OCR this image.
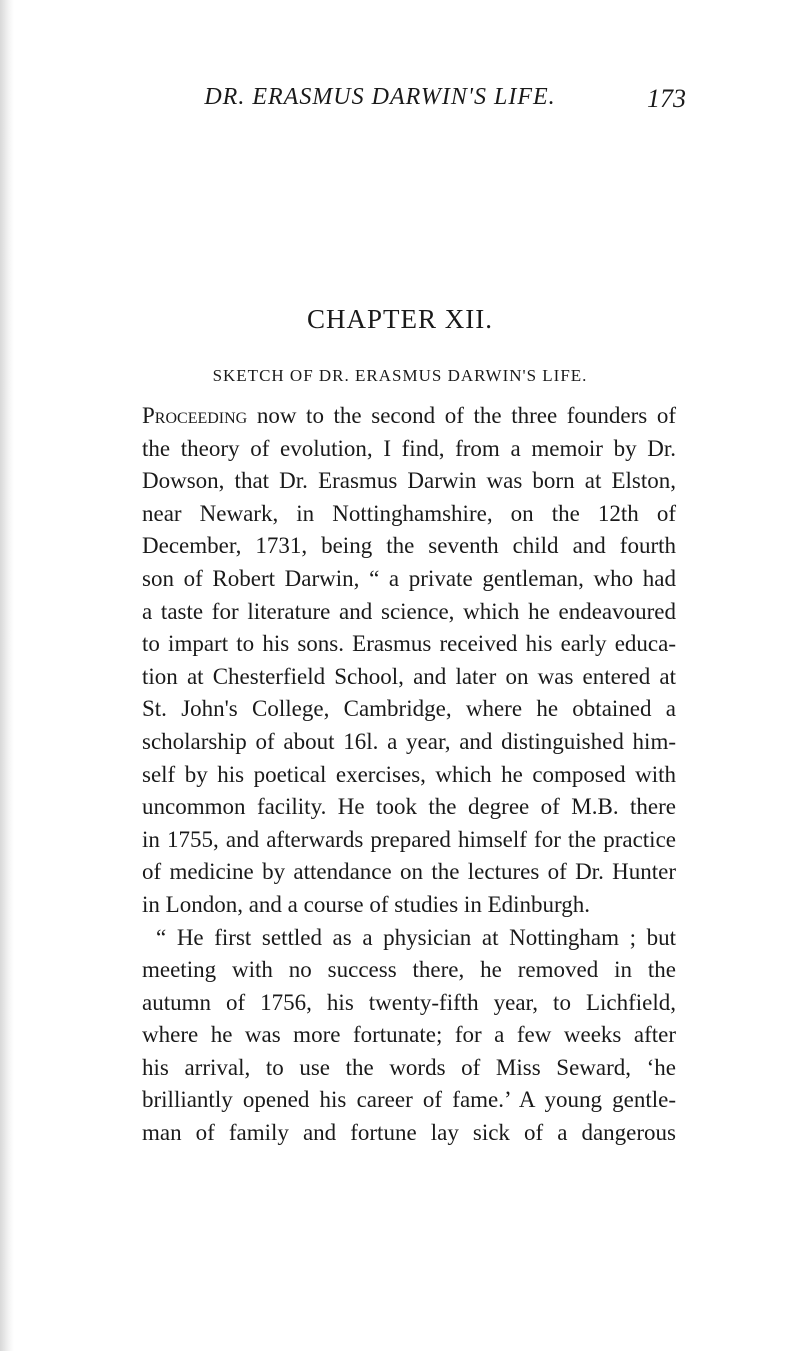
DR. ERASMUS DARWIN'S LIFE.	173
CHAPTER XII.
SKETCH OF DR. ERASMUS DARWIN'S LIFE.
Proceeding now to the second of the three founders of
the theory of evolution, I find, from a memoir by Dr.
Dowson, that Dr. Erasmus Darwin was born at Elston,
near Newark, in Nottinghamshire, on the 12th of
December, 1731, being the seventh child and fourth
son of Robert Darwin, “ a private gentleman, who had
a taste for literature and science, which he endeavoured
to impart to his sons. Erasmus received his early educa-
tion at Chesterfield School, and later on was entered at
St. John's College, Cambridge, where he obtained a
scholarship of about 16l. a year, and distinguished him-
self by his poetical exercises, which he composed with
uncommon facility. He took the degree of M.B. there
in 1755, and afterwards prepared himself for the practice
of medicine by attendance on the lectures of Dr. Hunter
in London, and a course of studies in Edinburgh.
“ He first settled as a physician at Nottingham ; but
meeting with no success there, he removed in the
autumn of 1756, his twenty-fifth year, to Lichfield,
where he was more fortunate; for a few weeks after
his arrival, to use the words of Miss Seward, ‘he
brilliantly opened his career of fame.’ A young gentle-
man of family and fortune lay sick of a dangerous
